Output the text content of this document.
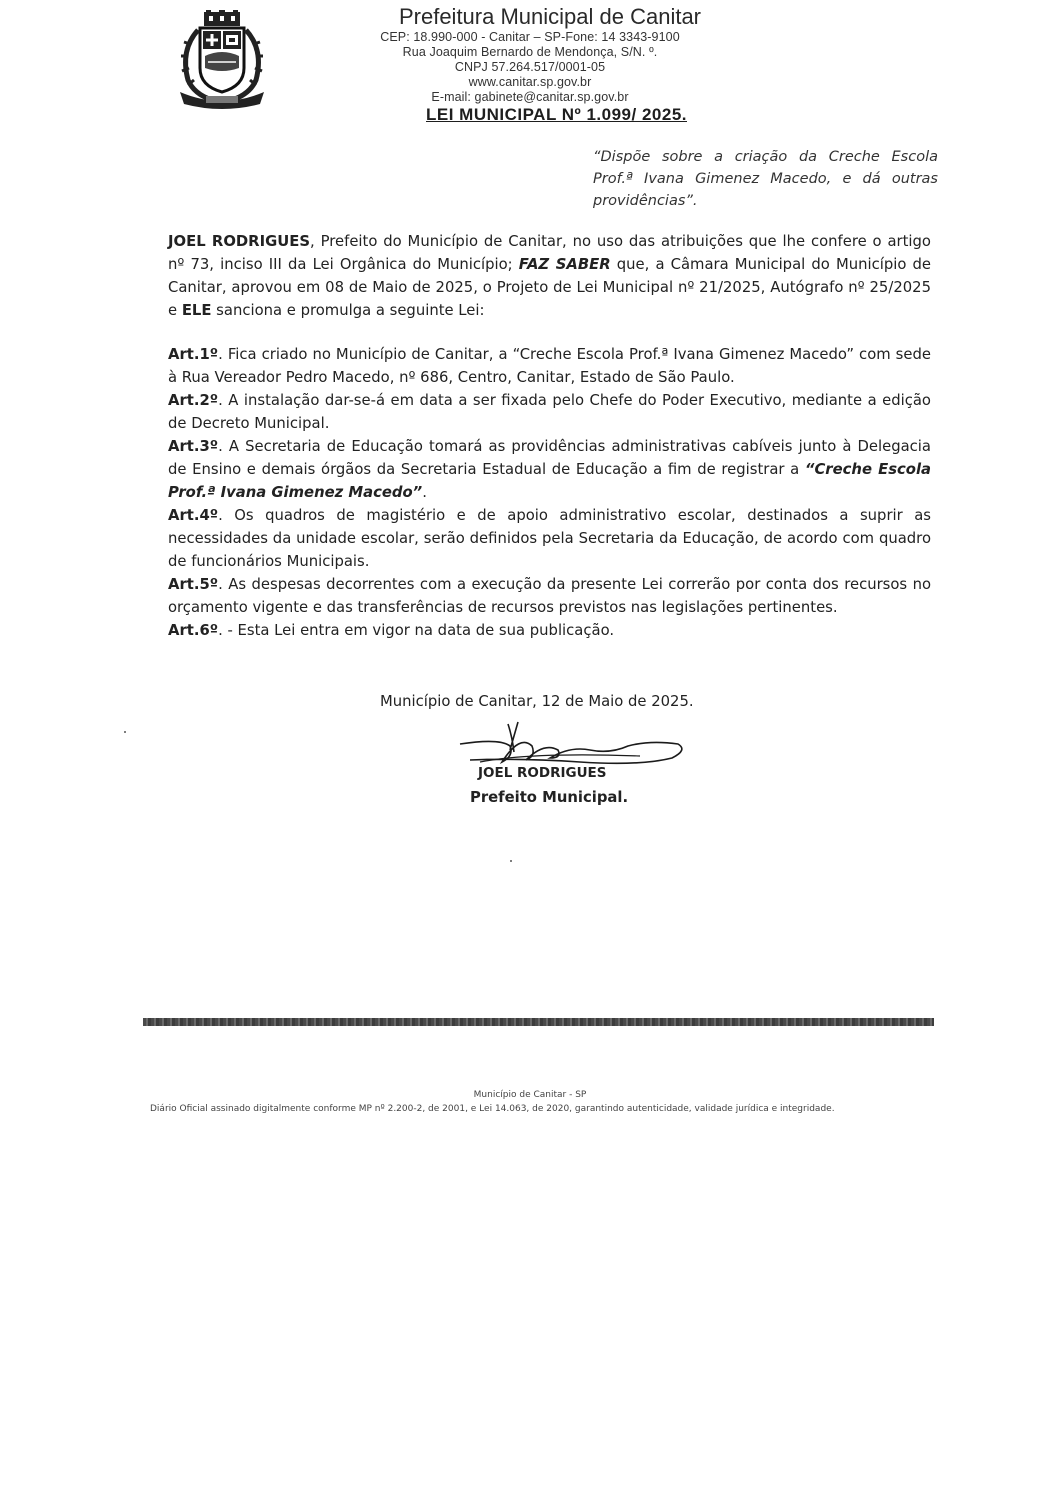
Prefeitura Municipal de Canitar
CEP: 18.990-000 - Canitar – SP-Fone: 14 3343-9100
Rua Joaquim Bernardo de Mendonça, S/N. º.
CNPJ 57.264.517/0001-05
www.canitar.sp.gov.br
E-mail: gabinete@canitar.sp.gov.br
LEI MUNICIPAL Nº 1.099/ 2025.
“Dispõe sobre a criação da Creche Escola Prof.ª Ivana Gimenez Macedo, e dá outras providências”.
JOEL RODRIGUES, Prefeito do Município de Canitar, no uso das atribuições que lhe confere o artigo nº 73, inciso III da Lei Orgânica do Município; FAZ SABER que, a Câmara Municipal do Município de Canitar, aprovou em 08 de Maio de 2025, o Projeto de Lei Municipal nº 21/2025, Autógrafo nº 25/2025 e ELE sanciona e promulga a seguinte Lei:

Art.1º. Fica criado no Município de Canitar, a “Creche Escola Prof.ª Ivana Gimenez Macedo” com sede à Rua Vereador Pedro Macedo, nº 686, Centro, Canitar, Estado de São Paulo.

Art.2º. A instalação dar-se-á em data a ser fixada pelo Chefe do Poder Executivo, mediante a edição de Decreto Municipal.

Art.3º. A Secretaria de Educação tomará as providências administrativas cabíveis junto à Delegacia de Ensino e demais órgãos da Secretaria Estadual de Educação a fim de registrar a “Creche Escola Prof.ª Ivana Gimenez Macedo”.

Art.4º. Os quadros de magistério e de apoio administrativo escolar, destinados a suprir as necessidades da unidade escolar, serão definidos pela Secretaria da Educação, de acordo com quadro de funcionários Municipais.

Art.5º. As despesas decorrentes com a execução da presente Lei correrão por conta dos recursos no orçamento vigente e das transferências de recursos previstos nas legislações pertinentes.

Art.6º. - Esta Lei entra em vigor na data de sua publicação.

Município de Canitar, 12 de Maio de 2025.
JOEL RODRIGUES
Prefeito Municipal.
Município de Canitar - SP
Diário Oficial assinado digitalmente conforme MP nº 2.200-2, de 2001, e Lei 14.063, de 2020, garantindo autenticidade, validade jurídica e integridade.
